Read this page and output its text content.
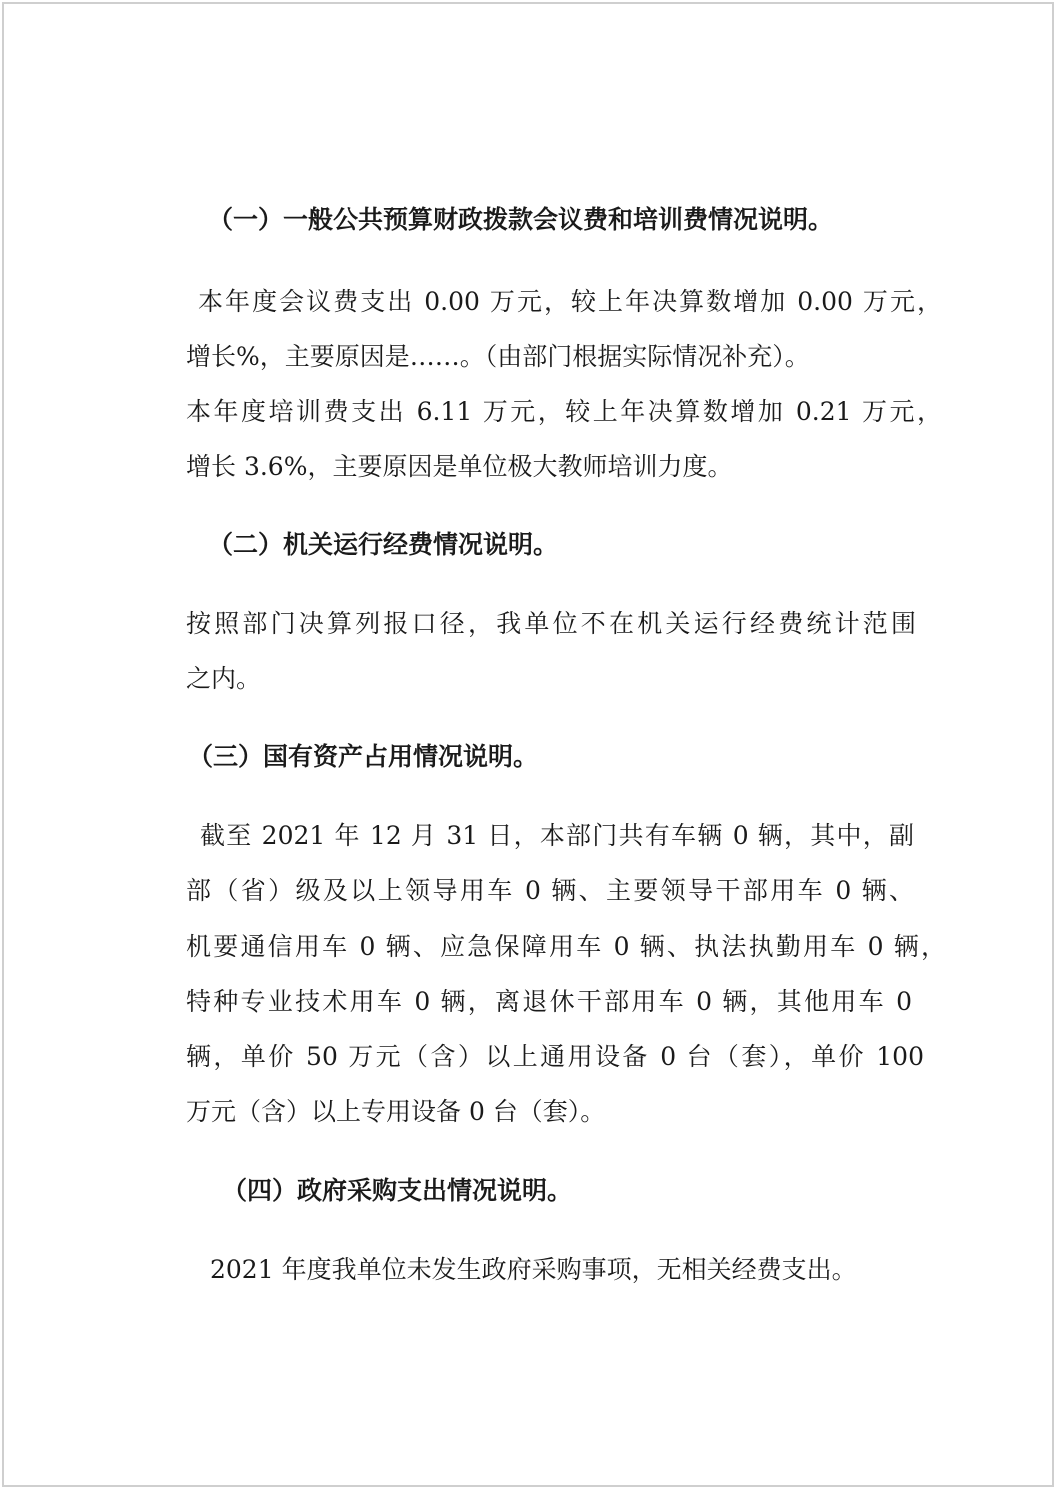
（一）一般公共预算财政拨款会议费和培训费情况说明。
本年度会议费支出 0.00 万元，较上年决算数增加 0.00 万元，
增长%，主要原因是……。（由部门根据实际情况补充）。
本年度培训费支出 6.11 万元，较上年决算数增加 0.21 万元，
增长 3.6%，主要原因是单位极大教师培训力度。
（二）机关运行经费情况说明。
按照部门决算列报口径，我单位不在机关运行经费统计范围
之内。
（三）国有资产占用情况说明。
截至 2021 年 12 月 31 日，本部门共有车辆 0 辆，其中，副
部（省）级及以上领导用车 0 辆、主要领导干部用车 0 辆、
机要通信用车 0 辆、应急保障用车 0 辆、执法执勤用车 0 辆，
特种专业技术用车 0 辆，离退休干部用车 0 辆，其他用车 0
辆，单价 50 万元（含）以上通用设备 0 台（套），单价 100
万元（含）以上专用设备 0 台（套）。
（四）政府采购支出情况说明。
2021 年度我单位未发生政府采购事项，无相关经费支出。
